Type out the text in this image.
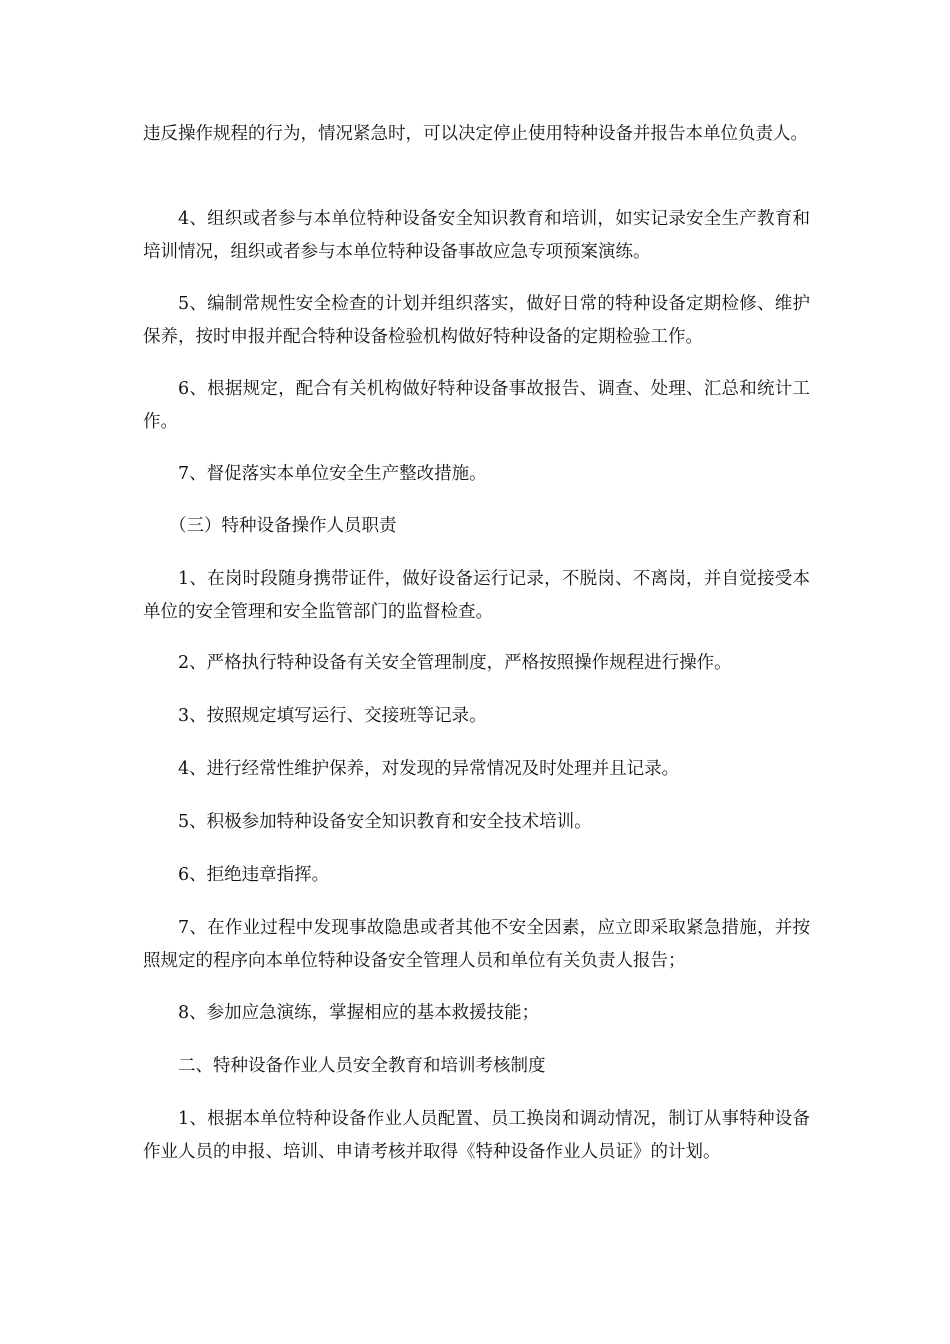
违反操作规程的行为，情况紧急时，可以决定停止使用特种设备并报告本单位负责人。

4、组织或者参与本单位特种设备安全知识教育和培训，如实记录安全生产教育和培训情况，组织或者参与本单位特种设备事故应急专项预案演练。

5、编制常规性安全检查的计划并组织落实，做好日常的特种设备定期检修、维护保养，按时申报并配合特种设备检验机构做好特种设备的定期检验工作。

6、根据规定，配合有关机构做好特种设备事故报告、调查、处理、汇总和统计工作。

7、督促落实本单位安全生产整改措施。

（三）特种设备操作人员职责

1、在岗时段随身携带证件，做好设备运行记录，不脱岗、不离岗，并自觉接受本单位的安全管理和安全监管部门的监督检查。

2、严格执行特种设备有关安全管理制度，严格按照操作规程进行操作。

3、按照规定填写运行、交接班等记录。

4、进行经常性维护保养，对发现的异常情况及时处理并且记录。

5、积极参加特种设备安全知识教育和安全技术培训。

6、拒绝违章指挥。

7、在作业过程中发现事故隐患或者其他不安全因素，应立即采取紧急措施，并按照规定的程序向本单位特种设备安全管理人员和单位有关负责人报告；

8、参加应急演练，掌握相应的基本救援技能；

二、特种设备作业人员安全教育和培训考核制度

1、根据本单位特种设备作业人员配置、员工换岗和调动情况，制订从事特种设备作业人员的申报、培训、申请考核并取得《特种设备作业人员证》的计划。
